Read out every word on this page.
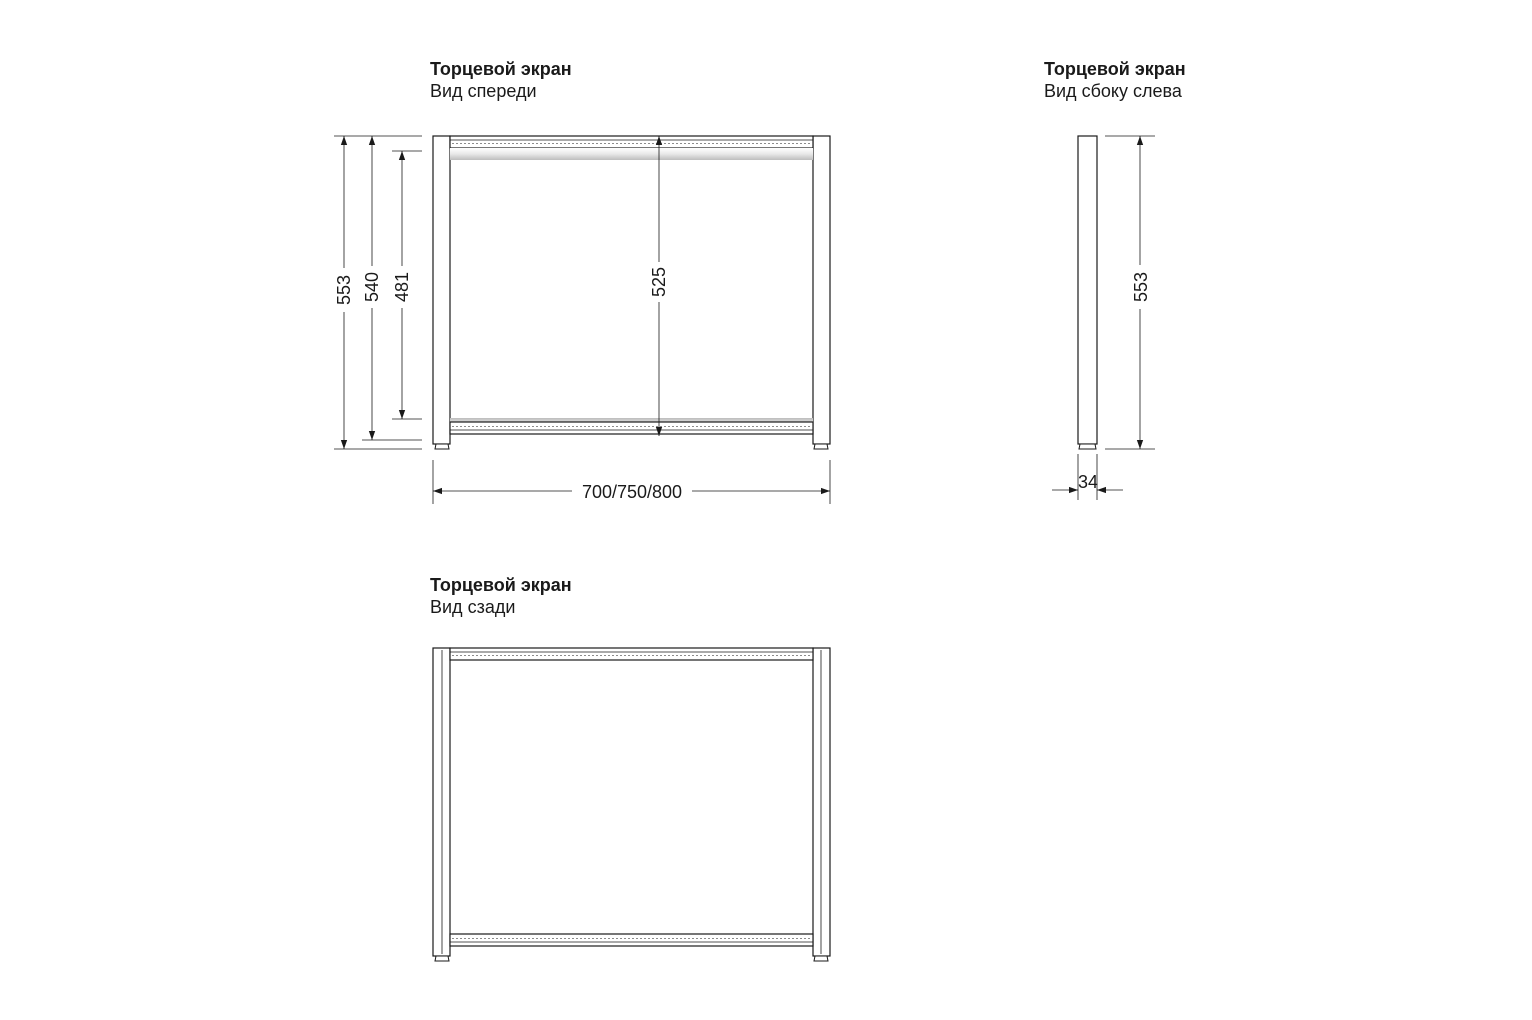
Торцевой экран
Вид спереди
Торцевой экран
Вид сбоку слева
Торцевой экран
Вид сзади
553 540 481	525
700/750/800
553
34
